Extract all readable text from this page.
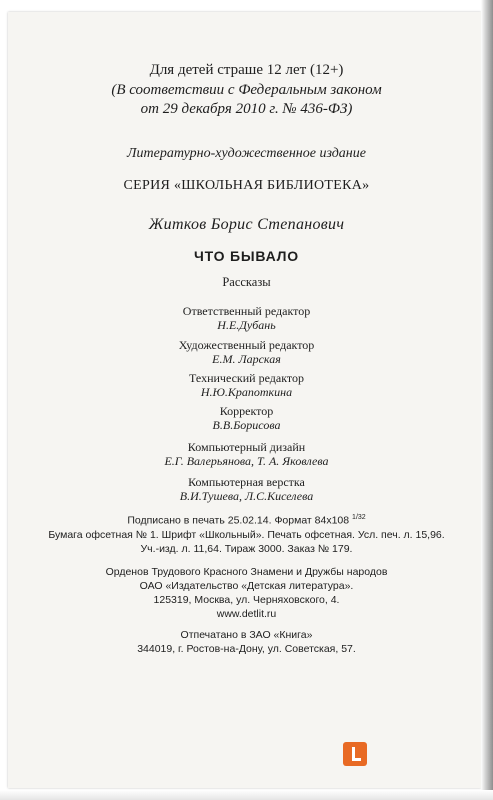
Для детей страше 12 лет (12+)
(В соответствии с Федеральным законом
от 29 декабря 2010 г. № 436-ФЗ)
Литературно-художественное издание
СЕРИЯ «ШКОЛЬНАЯ БИБЛИОТЕКА»
Житков Борис Степанович
ЧТО БЫВАЛО
Рассказы
Ответственный редактор
Н.Е.Дубань
Художественный редактор
Е.М. Ларская
Технический редактор
Н.Ю.Крапоткина
Корректор
В.В.Борисова
Компьютерный дизайн
Е.Г. Валерьянова, Т. А. Яковлева
Компьютерная верстка
В.И.Тушева, Л.С.Киселева
Подписано в печать 25.02.14. Формат 84х108 $^{1/32}$
Бумага офсетная № 1. Шрифт «Школьный». Печать офсетная. Усл. печ. л. 15,96.
Уч.-изд. л. 11,64. Тираж 3000. Заказ № 179.
Орденов Трудового Красного Знамени и Дружбы народов
ОАО «Издательство «Детская литература».
125319, Москва, ул. Черняховского, 4.
www.detlit.ru
Отпечатано в ЗАО «Книга»
344019, г. Ростов-на-Дону, ул. Советская, 57.
